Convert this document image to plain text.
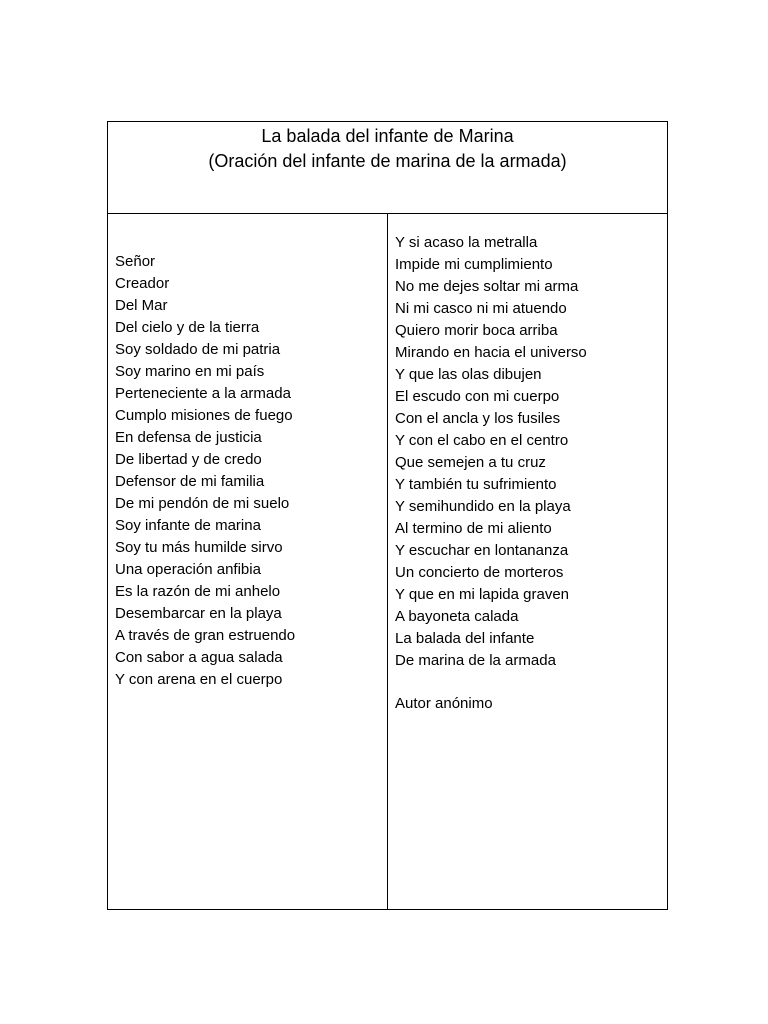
La balada del infante de Marina
(Oración del infante de marina de la armada)
Señor
Creador
Del Mar
Del cielo y de la tierra
Soy soldado de mi patria
Soy marino en mi país
Perteneciente a la armada
Cumplo misiones de fuego
En defensa de justicia
De libertad y de credo
Defensor de mi familia
De mi pendón de mi suelo
Soy infante de marina
Soy tu más humilde sirvo
Una operación anfibia
Es la razón de mi anhelo
Desembarcar en la playa
A través de gran estruendo
Con sabor a agua salada
Y con arena en el cuerpo
Y si acaso la metralla
Impide mi cumplimiento
No me dejes soltar mi arma
Ni mi casco ni mi atuendo
Quiero morir boca arriba
Mirando en hacia el universo
Y que las olas dibujen
El escudo con mi cuerpo
Con el ancla y los fusiles
Y con el cabo en el centro
Que semejen a tu cruz
Y también tu sufrimiento
Y semihundido en la playa
Al termino de mi aliento
Y escuchar en lontananza
Un concierto de morteros
Y que en mi lapida graven
A bayoneta calada
La balada del infante
De marina de la armada
Autor anónimo
